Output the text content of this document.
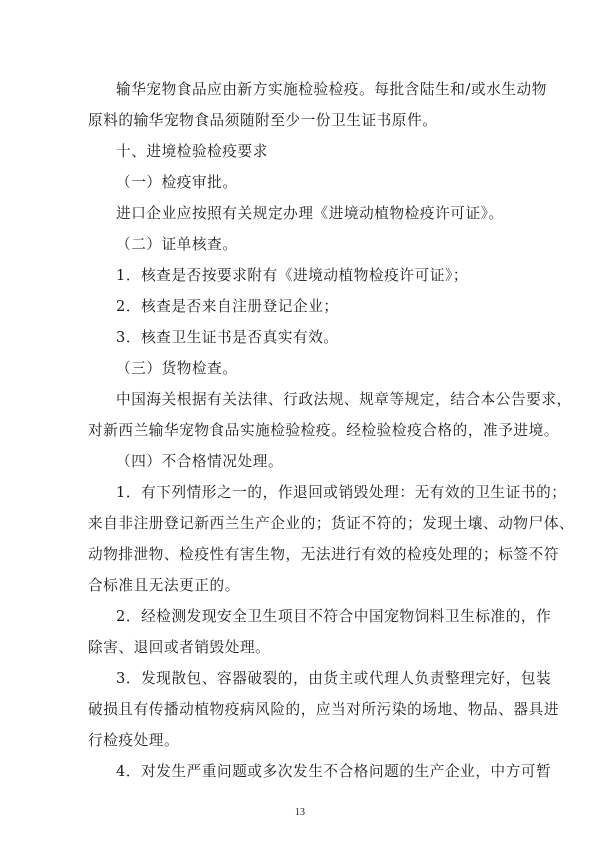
输华宠物食品应由新方实施检验检疫。每批含陆生和/或水生动物
原料的输华宠物食品须随附至少一份卫生证书原件。
十、进境检验检疫要求
（一）检疫审批。
进口企业应按照有关规定办理《进境动植物检疫许可证》。
（二）证单核查。
1．核查是否按要求附有《进境动植物检疫许可证》；
2．核查是否来自注册登记企业；
3．核查卫生证书是否真实有效。
（三）货物检查。
中国海关根据有关法律、行政法规、规章等规定，结合本公告要求，
对新西兰输华宠物食品实施检验检疫。经检验检疫合格的，准予进境。
（四）不合格情况处理。
1．有下列情形之一的，作退回或销毁处理：无有效的卫生证书的；
来自非注册登记新西兰生产企业的；货证不符的；发现土壤、动物尸体、
动物排泄物、检疫性有害生物，无法进行有效的检疫处理的；标签不符
合标准且无法更正的。
2．经检测发现安全卫生项目不符合中国宠物饲料卫生标准的，作
除害、退回或者销毁处理。
3．发现散包、容器破裂的，由货主或代理人负责整理完好，包装
破损且有传播动植物疫病风险的，应当对所污染的场地、物品、器具进
行检疫处理。
4．对发生严重问题或多次发生不合格问题的生产企业，中方可暂
13
